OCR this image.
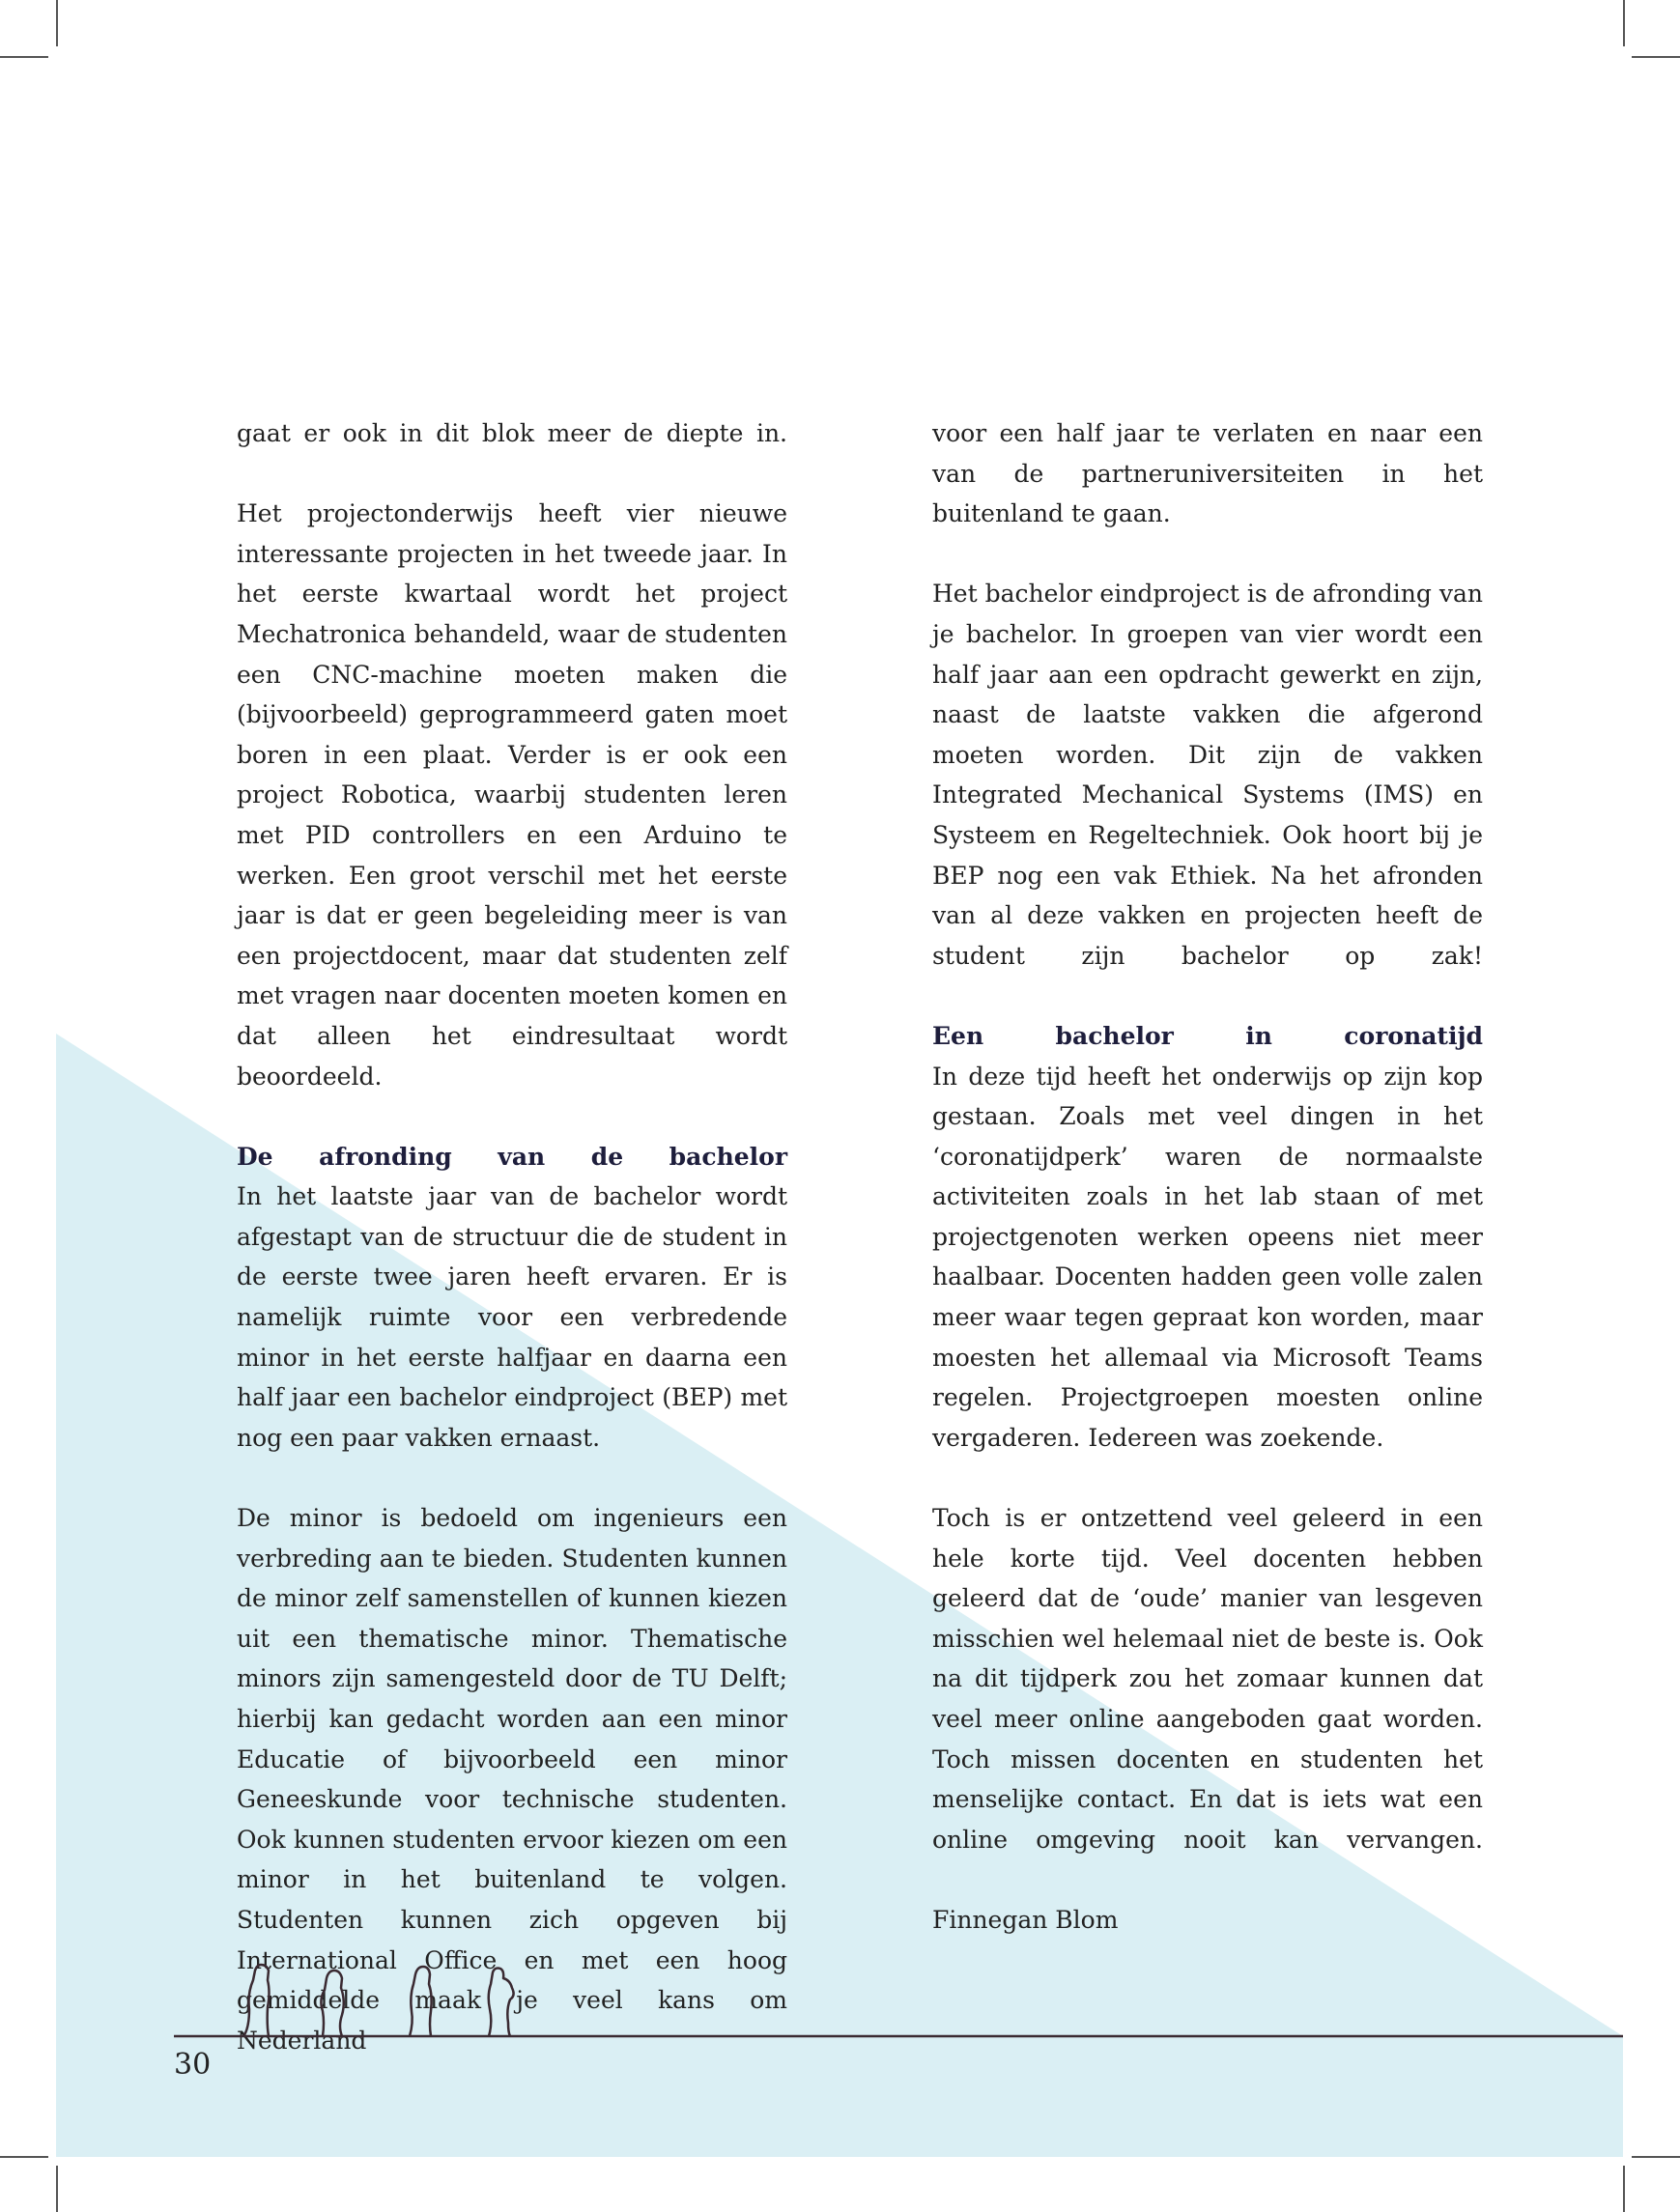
gaat er ook in dit blok meer de diepte in.

Het projectonderwijs heeft vier nieuwe interessante projecten in het tweede jaar. In het eerste kwartaal wordt het project Mechatronica behandeld, waar de studenten een CNC-machine moeten maken die (bijvoorbeeld) geprogrammeerd gaten moet boren in een plaat. Verder is er ook een project Robotica, waarbij studenten leren met PID controllers en een Arduino te werken. Een groot verschil met het eerste jaar is dat er geen begeleiding meer is van een projectdocent, maar dat studenten zelf met vragen naar docenten moeten komen en dat alleen het eindresultaat wordt beoordeeld.

De afronding van de bachelor

In het laatste jaar van de bachelor wordt afgestapt van de structuur die de student in de eerste twee jaren heeft ervaren. Er is namelijk ruimte voor een verbredende minor in het eerste halfjaar en daarna een half jaar een bachelor eindproject (BEP) met nog een paar vakken ernaast.

De minor is bedoeld om ingenieurs een verbreding aan te bieden. Studenten kunnen de minor zelf samenstellen of kunnen kiezen uit een thematische minor. Thematische minors zijn samengesteld door de TU Delft; hierbij kan gedacht worden aan een minor Educatie of bijvoorbeeld een minor Geneeskunde voor technische studenten. Ook kunnen studenten ervoor kiezen om een minor in het buitenland te volgen. Studenten kunnen zich opgeven bij International Office en met een hoog gemiddelde maak je veel kans om Nederland

voor een half jaar te verlaten en naar een van de partneruniversiteiten in het buitenland te gaan.

Het bachelor eindproject is de afronding van je bachelor. In groepen van vier wordt een half jaar aan een opdracht gewerkt en zijn, naast de laatste vakken die afgerond moeten worden. Dit zijn de vakken Integrated Mechanical Systems (IMS) en Systeem en Regeltechniek. Ook hoort bij je BEP nog een vak Ethiek. Na het afronden van al deze vakken en projecten heeft de student zijn bachelor op zak!

Een bachelor in coronatijd

In deze tijd heeft het onderwijs op zijn kop gestaan. Zoals met veel dingen in het ‘coronatijdperk’ waren de normaalste activiteiten zoals in het lab staan of met projectgenoten werken opeens niet meer haalbaar. Docenten hadden geen volle zalen meer waar tegen gepraat kon worden, maar moesten het allemaal via Microsoft Teams regelen. Projectgroepen moesten online vergaderen. Iedereen was zoekende.

Toch is er ontzettend veel geleerd in een hele korte tijd. Veel docenten hebben geleerd dat de ‘oude’ manier van lesgeven misschien wel helemaal niet de beste is. Ook na dit tijdperk zou het zomaar kunnen dat veel meer online aangeboden gaat worden. Toch missen docenten en studenten het menselijke contact. En dat is iets wat een online omgeving nooit kan vervangen.

Finnegan Blom

30
